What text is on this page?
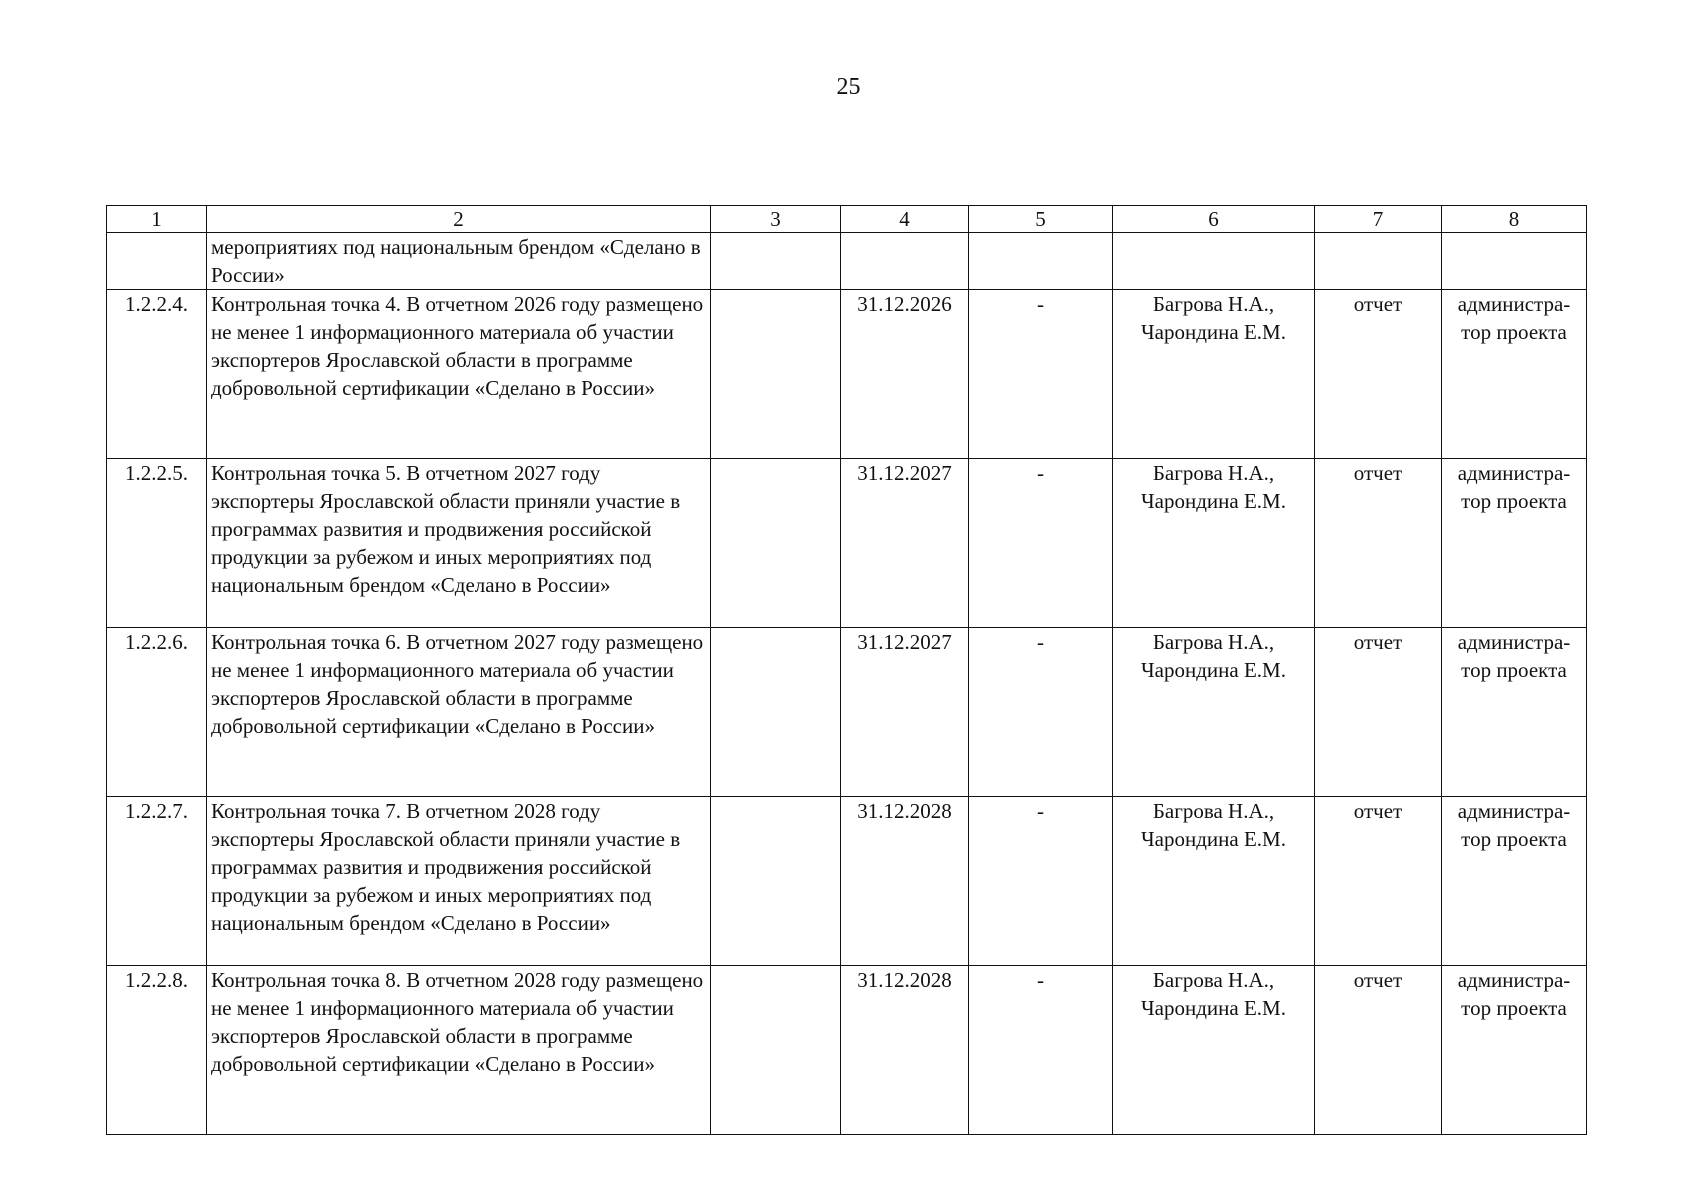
25
1	2	3	4	5	6	7	8
	мероприятиях под национальным брендом «Сделано в России»						
1.2.2.4.	Контрольная точка 4. В отчетном 2026 году размещено не менее 1 информационного материала об участии экспортеров Ярославской области в программе добровольной сертификации «Сделано в России»		31.12.2026	-	Багрова Н.А., Чарондина Е.М.	отчет	администра-тор проекта
1.2.2.5.	Контрольная точка 5. В отчетном 2027 году экспортеры Ярославской области приняли участие в программах развития и продвижения российской продукции за рубежом и иных мероприятиях под национальным брендом «Сделано в России»		31.12.2027	-	Багрова Н.А., Чарондина Е.М.	отчет	администра-тор проекта
1.2.2.6.	Контрольная точка 6. В отчетном 2027 году размещено не менее 1 информационного материала об участии экспортеров Ярославской области в программе добровольной сертификации «Сделано в России»		31.12.2027	-	Багрова Н.А., Чарондина Е.М.	отчет	администра-тор проекта
1.2.2.7.	Контрольная точка 7. В отчетном 2028 году экспортеры Ярославской области приняли участие в программах развития и продвижения российской продукции за рубежом и иных мероприятиях под национальным брендом «Сделано в России»		31.12.2028	-	Багрова Н.А., Чарондина Е.М.	отчет	администра-тор проекта
1.2.2.8.	Контрольная точка 8. В отчетном 2028 году размещено не менее 1 информационного материала об участии экспортеров Ярославской области в программе добровольной сертификации «Сделано в России»		31.12.2028	-	Багрова Н.А., Чарондина Е.М.	отчет	администра-тор проекта
